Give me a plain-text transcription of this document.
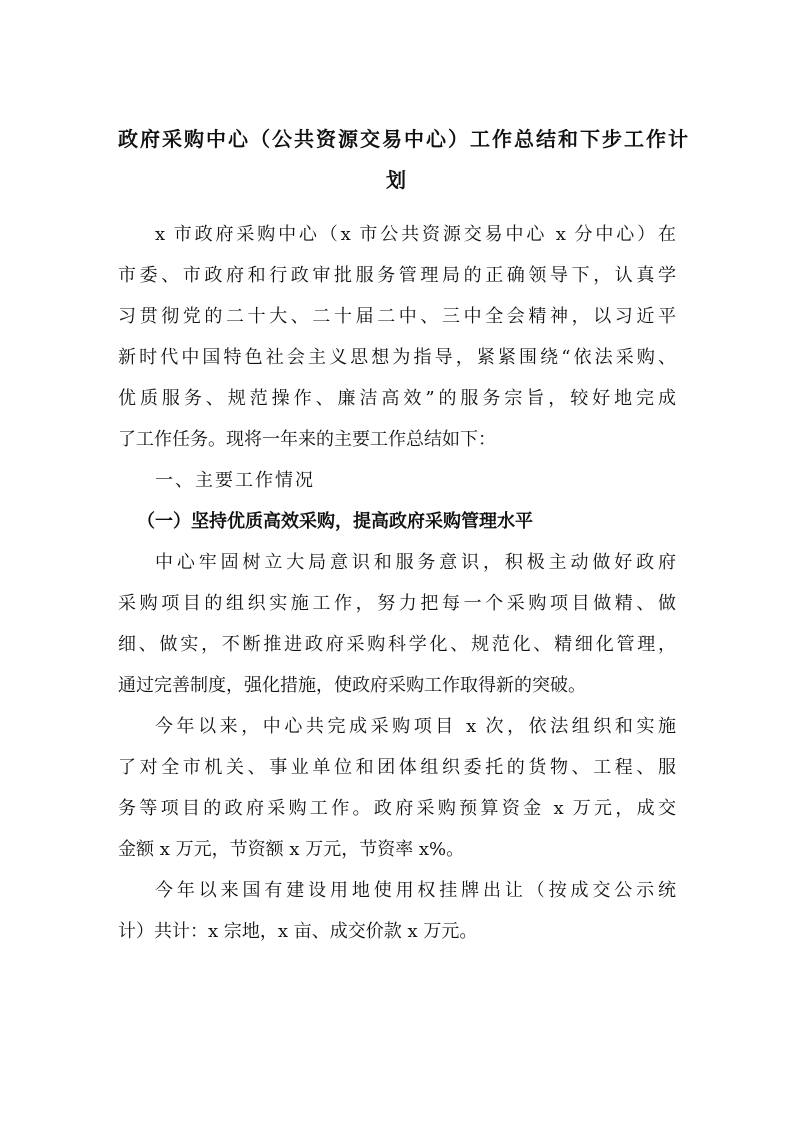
政府采购中心（公共资源交易中心）工作总结和下步工作计
划
x 市政府采购中心（x 市公共资源交易中心 x 分中心）在
市委、市政府和行政审批服务管理局的正确领导下，认真学
习贯彻党的二十大、二十届二中、三中全会精神，以习近平
新时代中国特色社会主义思想为指导，紧紧围绕“依法采购、
优质服务、规范操作、廉洁高效”的服务宗旨，较好地完成
了工作任务。现将一年来的主要工作总结如下：
一、主要工作情况
（一）坚持优质高效采购，提高政府采购管理水平
中心牢固树立大局意识和服务意识，积极主动做好政府
采购项目的组织实施工作，努力把每一个采购项目做精、做
细、做实，不断推进政府采购科学化、规范化、精细化管理，
通过完善制度，强化措施，使政府采购工作取得新的突破。
今年以来，中心共完成采购项目 x 次，依法组织和实施
了对全市机关、事业单位和团体组织委托的货物、工程、服
务等项目的政府采购工作。政府采购预算资金 x 万元，成交
金额 x 万元，节资额 x 万元，节资率 x%。
今年以来国有建设用地使用权挂牌出让（按成交公示统
计）共计：x 宗地，x 亩、成交价款 x 万元。
